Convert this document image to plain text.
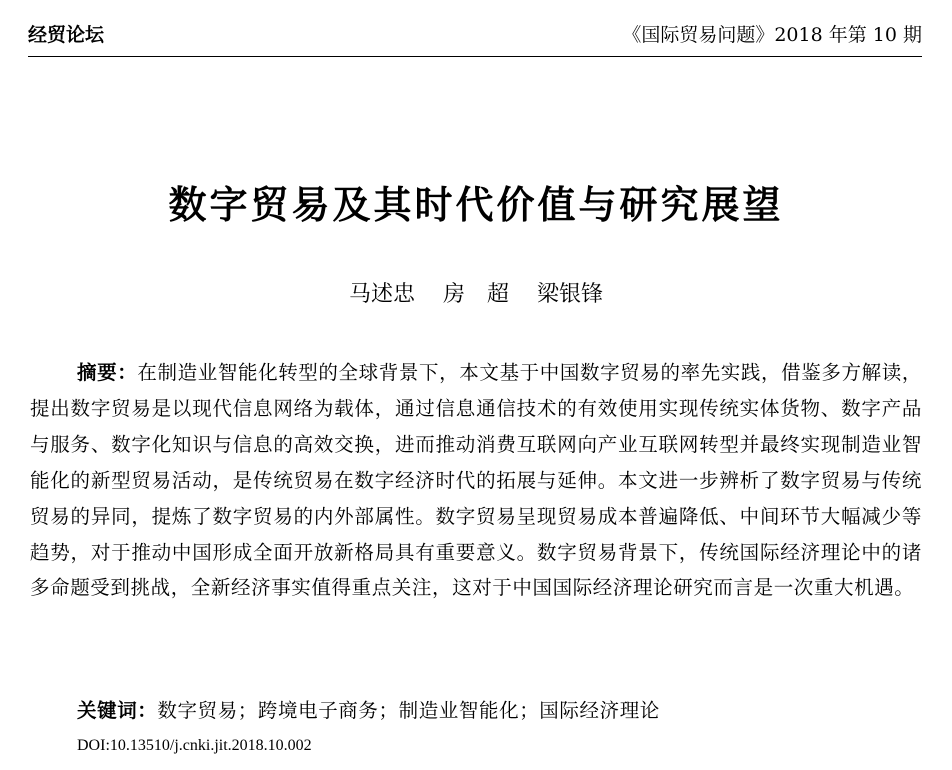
经贸论坛	《国际贸易问题》2018 年第 10 期
数字贸易及其时代价值与研究展望
马述忠 房　超 梁银锋
摘要：在制造业智能化转型的全球背景下，本文基于中国数字贸易的率先实践，借鉴多方解读，提出数字贸易是以现代信息网络为载体，通过信息通信技术的有效使用实现传统实体货物、数字产品与服务、数字化知识与信息的高效交换，进而推动消费互联网向产业互联网转型并最终实现制造业智能化的新型贸易活动，是传统贸易在数字经济时代的拓展与延伸。本文进一步辨析了数字贸易与传统贸易的异同，提炼了数字贸易的内外部属性。数字贸易呈现贸易成本普遍降低、中间环节大幅减少等趋势，对于推动中国形成全面开放新格局具有重要意义。数字贸易背景下，传统国际经济理论中的诸多命题受到挑战，全新经济事实值得重点关注，这对于中国国际经济理论研究而言是一次重大机遇。
关键词：数字贸易；跨境电子商务；制造业智能化；国际经济理论
DOI:10.13510/j.cnki.jit.2018.10.002
